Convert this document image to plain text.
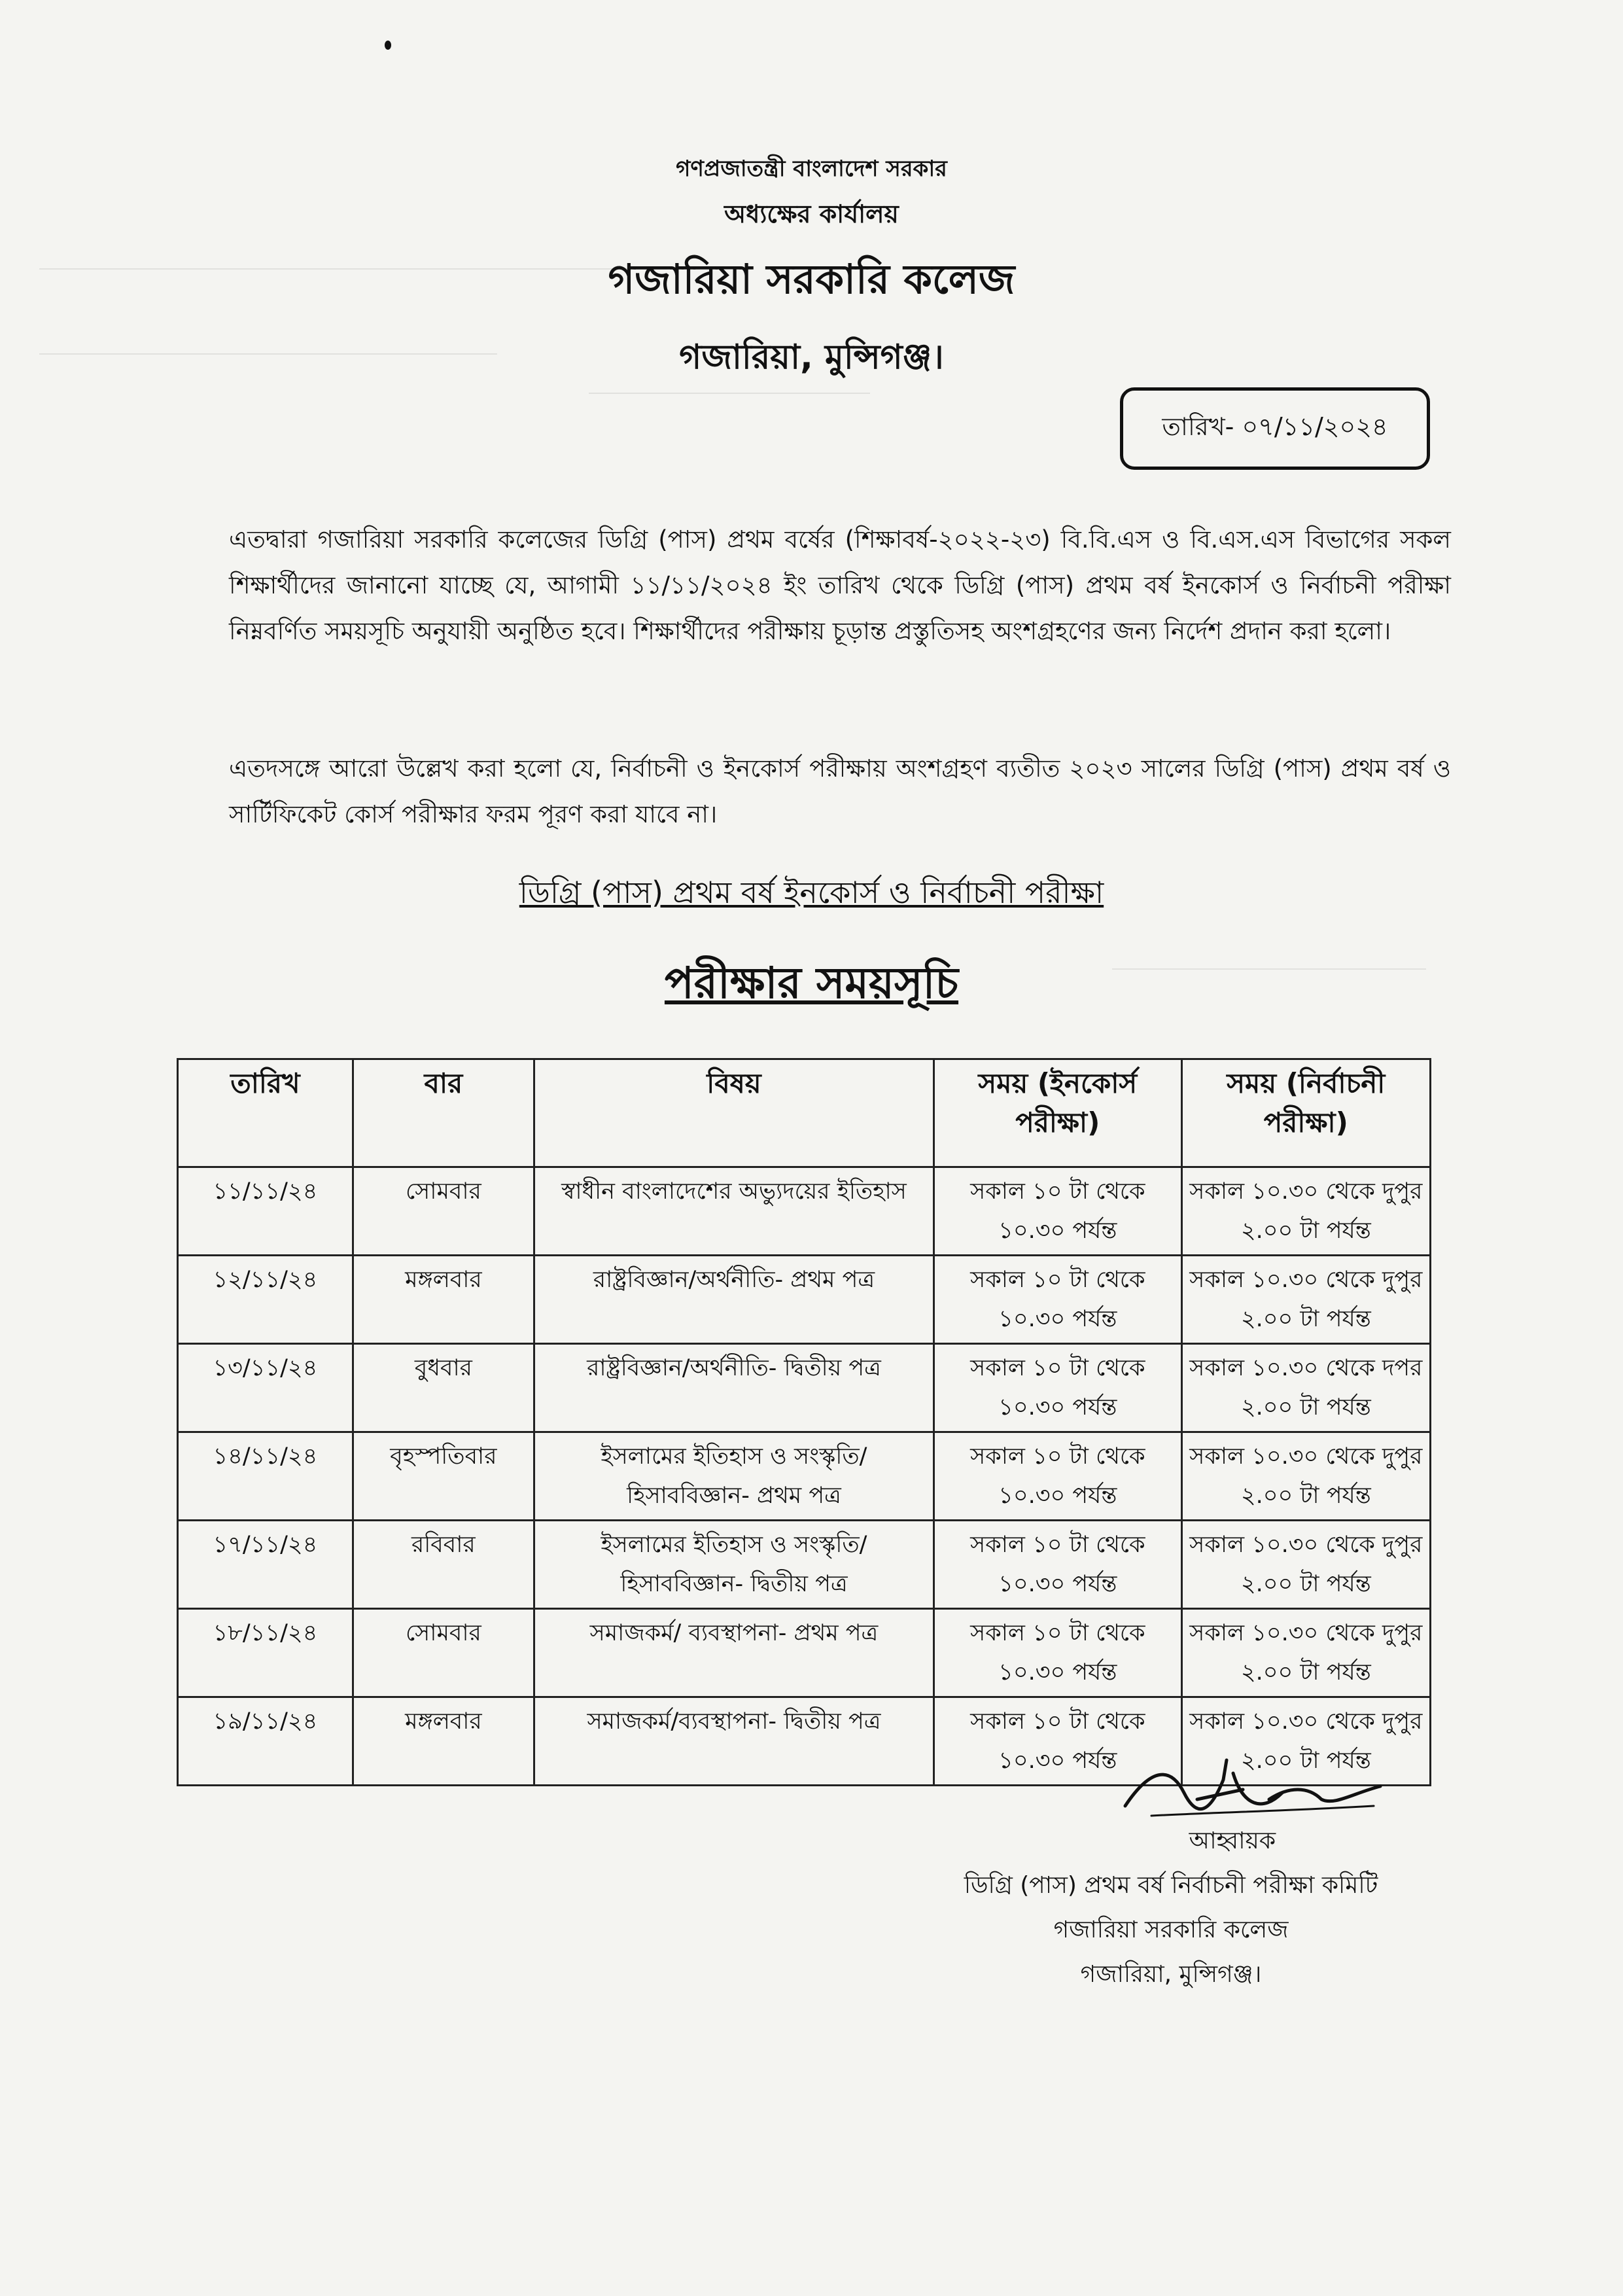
গণপ্রজাতন্ত্রী বাংলাদেশ সরকার
অধ্যক্ষের কার্যালয়
গজারিয়া সরকারি কলেজ
গজারিয়া, মুন্সিগঞ্জ।
তারিখ- ০৭/১১/২০২৪
এতদ্বারা গজারিয়া সরকারি কলেজের ডিগ্রি (পাস) প্রথম বর্ষের (শিক্ষাবর্ষ-২০২২-২৩) বি.বি.এস ও বি.এস.এস বিভাগের সকল শিক্ষার্থীদের জানানো যাচ্ছে যে, আগামী ১১/১১/২০২৪ ইং তারিখ থেকে ডিগ্রি (পাস) প্রথম বর্ষ ইনকোর্স ও নির্বাচনী পরীক্ষা নিম্নবর্ণিত সময়সূচি অনুযায়ী অনুষ্ঠিত হবে। শিক্ষার্থীদের পরীক্ষায় চূড়ান্ত প্রস্তুতিসহ অংশগ্রহণের জন্য নির্দেশ প্রদান করা হলো।
এতদসঙ্গে আরো উল্লেখ করা হলো যে, নির্বাচনী ও ইনকোর্স পরীক্ষায় অংশগ্রহণ ব্যতীত ২০২৩ সালের ডিগ্রি (পাস) প্রথম বর্ষ ও সার্টিফিকেট কোর্স পরীক্ষার ফরম পূরণ করা যাবে না।
ডিগ্রি (পাস) প্রথম বর্ষ ইনকোর্স ও নির্বাচনী পরীক্ষা
পরীক্ষার সময়সূচি
তারিখ	বার	বিষয়	সময় (ইনকোর্স পরীক্ষা)	সময় (নির্বাচনী পরীক্ষা)
১১/১১/২৪	সোমবার	স্বাধীন বাংলাদেশের অভ্যুদয়ের ইতিহাস	সকাল ১০ টা থেকে ১০.৩০ পর্যন্ত	সকাল ১০.৩০ থেকে দুপুর ২.০০ টা পর্যন্ত
১২/১১/২৪	মঙ্গলবার	রাষ্ট্রবিজ্ঞান/অর্থনীতি- প্রথম পত্র	সকাল ১০ টা থেকে ১০.৩০ পর্যন্ত	সকাল ১০.৩০ থেকে দুপুর ২.০০ টা পর্যন্ত
১৩/১১/২৪	বুধবার	রাষ্ট্রবিজ্ঞান/অর্থনীতি- দ্বিতীয় পত্র	সকাল ১০ টা থেকে ১০.৩০ পর্যন্ত	সকাল ১০.৩০ থেকে দপর ২.০০ টা পর্যন্ত
১৪/১১/২৪	বৃহস্পতিবার	ইসলামের ইতিহাস ও সংস্কৃতি/ হিসাববিজ্ঞান- প্রথম পত্র	সকাল ১০ টা থেকে ১০.৩০ পর্যন্ত	সকাল ১০.৩০ থেকে দুপুর ২.০০ টা পর্যন্ত
১৭/১১/২৪	রবিবার	ইসলামের ইতিহাস ও সংস্কৃতি/ হিসাববিজ্ঞান- দ্বিতীয় পত্র	সকাল ১০ টা থেকে ১০.৩০ পর্যন্ত	সকাল ১০.৩০ থেকে দুপুর ২.০০ টা পর্যন্ত
১৮/১১/২৪	সোমবার	সমাজকর্ম/ ব্যবস্থাপনা- প্রথম পত্র	সকাল ১০ টা থেকে ১০.৩০ পর্যন্ত	সকাল ১০.৩০ থেকে দুপুর ২.০০ টা পর্যন্ত
১৯/১১/২৪	মঙ্গলবার	সমাজকর্ম/ব্যবস্থাপনা- দ্বিতীয় পত্র	সকাল ১০ টা থেকে ১০.৩০ পর্যন্ত	সকাল ১০.৩০ থেকে দুপুর ২.০০ টা পর্যন্ত
আহ্বায়ক
ডিগ্রি (পাস) প্রথম বর্ষ নির্বাচনী পরীক্ষা কমিটি
গজারিয়া সরকারি কলেজ
গজারিয়া, মুন্সিগঞ্জ।
